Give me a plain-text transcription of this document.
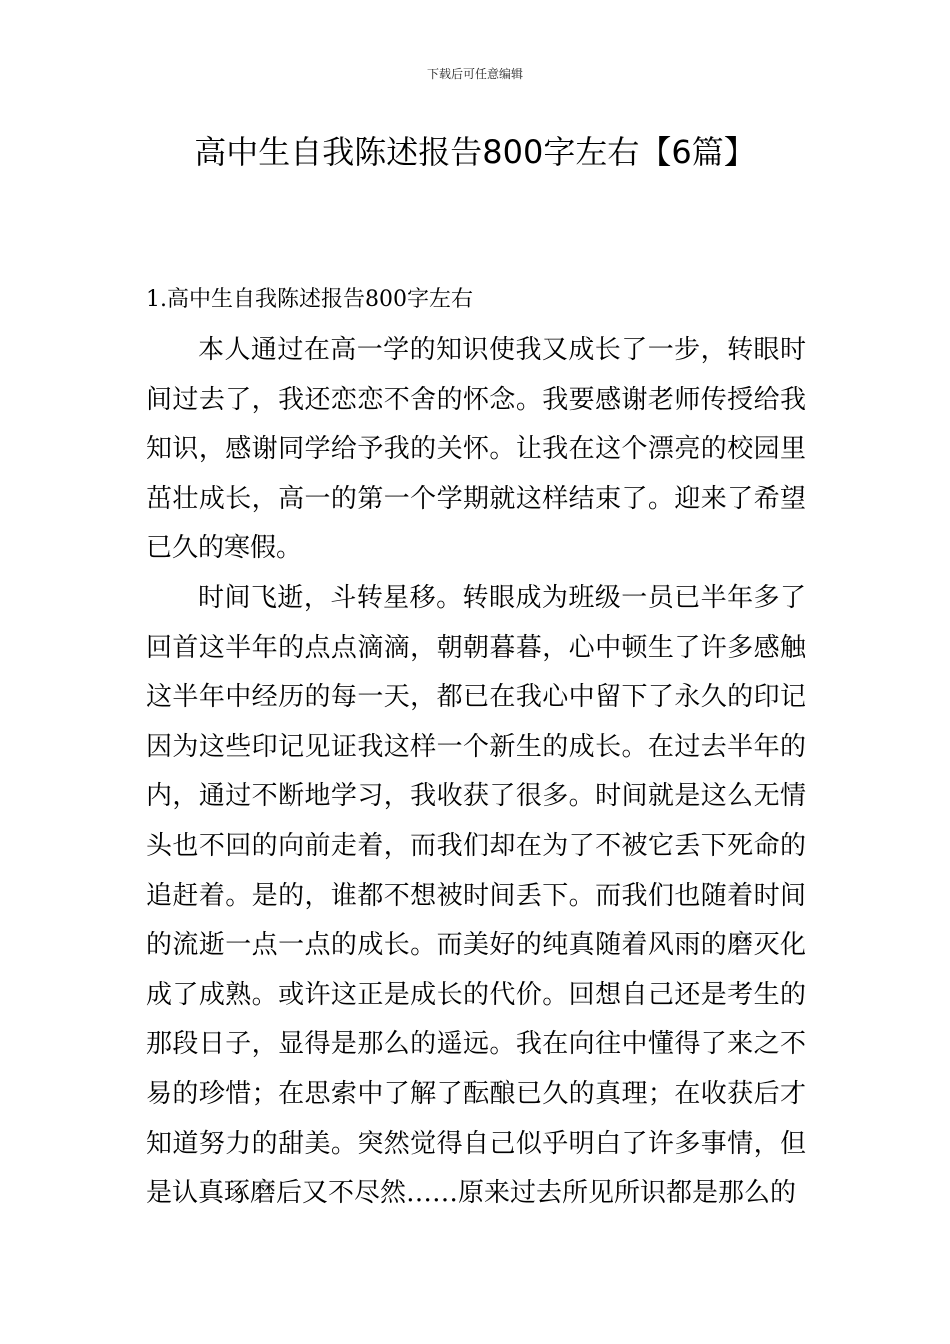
下载后可任意编辑
高中生自我陈述报告800字左右【6篇】
1.高中生自我陈述报告800字左右

本人通过在高一学的知识使我又成长了一步，转眼时间过去了，我还恋恋不舍的怀念。我要感谢老师传授给我知识，感谢同学给予我的关怀。让我在这个漂亮的校园里茁壮成长，高一的第一个学期就这样结束了。迎来了希望已久的寒假。

时间飞逝，斗转星移。转眼成为班级一员已半年多了回首这半年的点点滴滴，朝朝暮暮，心中顿生了许多感触这半年中经历的每一天，都已在我心中留下了永久的印记因为这些印记见证我这样一个新生的成长。在过去半年的内，通过不断地学习，我收获了很多。时间就是这么无情头也不回的向前走着，而我们却在为了不被它丢下死命的追赶着。是的，谁都不想被时间丢下。而我们也随着时间的流逝一点一点的成长。而美好的纯真随着风雨的磨灭化成了成熟。或许这正是成长的代价。回想自己还是考生的那段日子，显得是那么的遥远。我在向往中懂得了来之不易的珍惜；在思索中了解了酝酿已久的真理；在收获后才知道努力的甜美。突然觉得自己似乎明白了许多事情，但是认真琢磨后又不尽然……原来过去所见所识都是那么的
